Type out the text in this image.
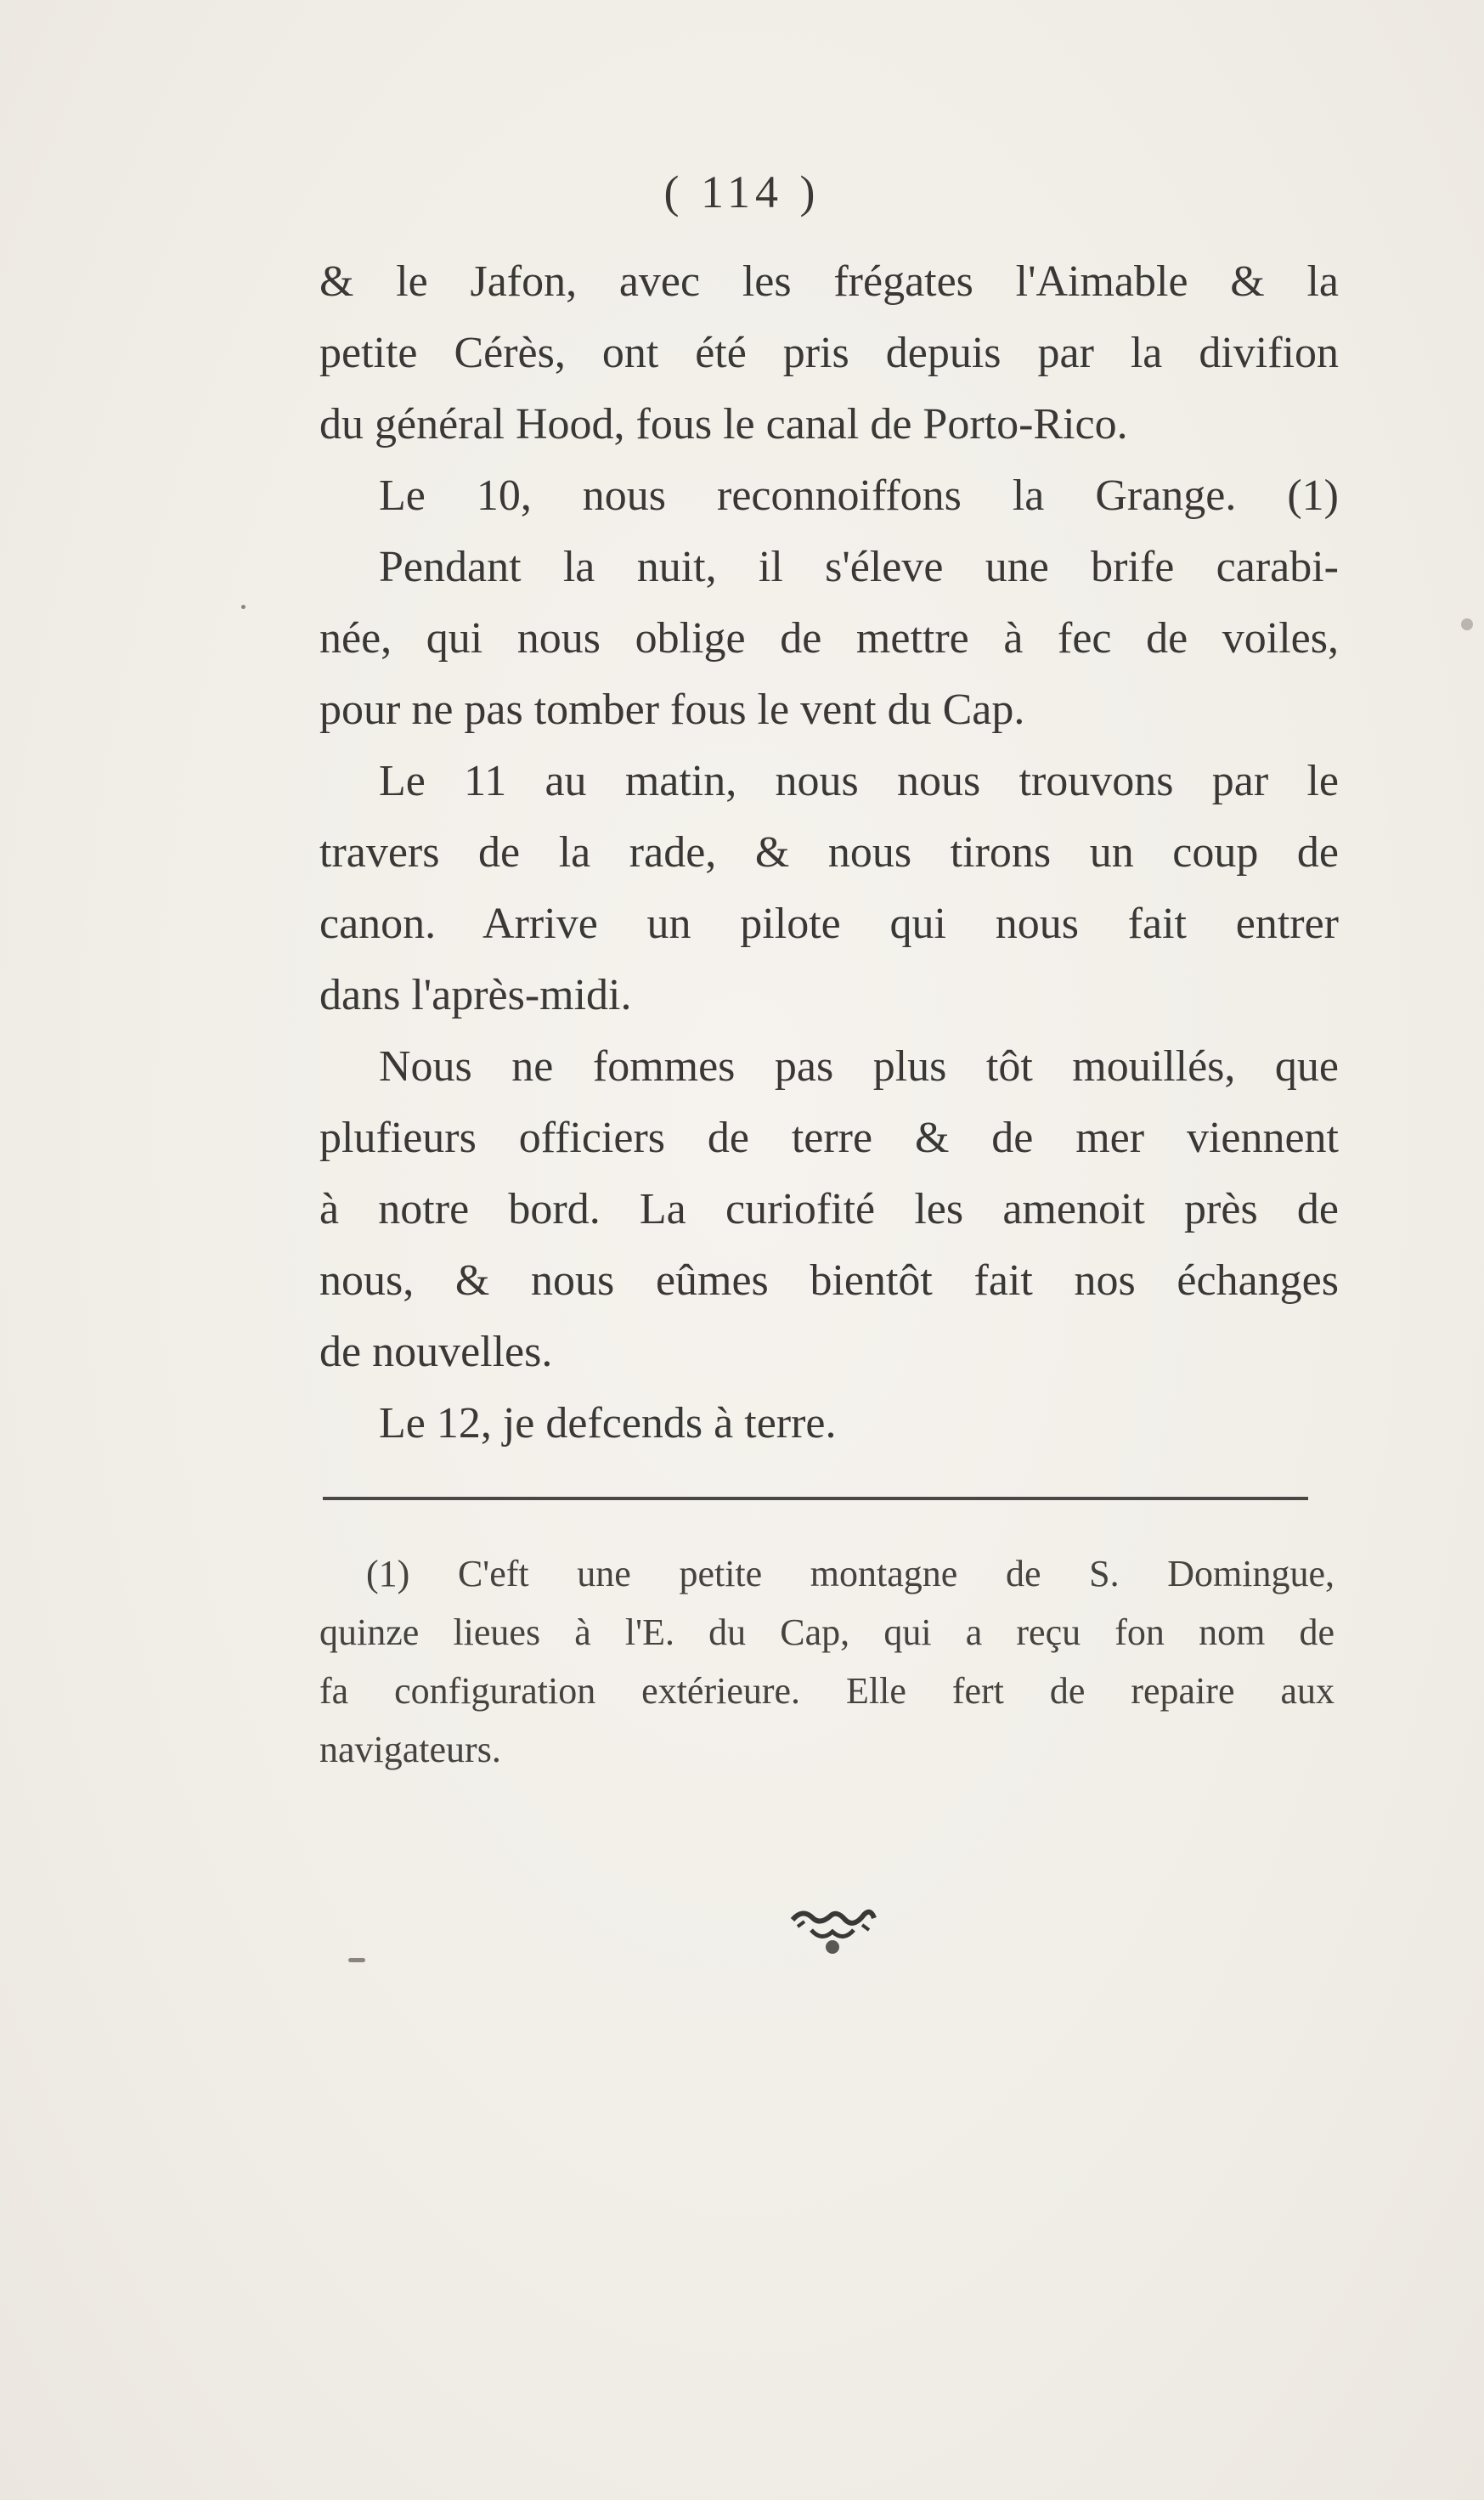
( 114 )
& le Jafon, avec les frégates l'Aimable & la
petite Cérès, ont été pris depuis par la divifion
du général Hood, fous le canal de Porto-Rico.
Le 10, nous reconnoiffons la Grange. (1)
Pendant la nuit, il s'éleve une brife carabi-
née, qui nous oblige de mettre à fec de voiles,
pour ne pas tomber fous le vent du Cap.
Le 11 au matin, nous nous trouvons par le
travers de la rade, & nous tirons un coup de
canon. Arrive un pilote qui nous fait entrer
dans l'après-midi.
Nous ne fommes pas plus tôt mouillés, que
plufieurs officiers de terre & de mer viennent
à notre bord. La curiofité les amenoit près de
nous, & nous eûmes bientôt fait nos échanges
de nouvelles.
Le 12, je defcends à terre.
(1) C'eft une petite montagne de S. Domingue,
quinze lieues à l'E. du Cap, qui a reçu fon nom de
fa configuration extérieure. Elle fert de repaire aux
navigateurs.
